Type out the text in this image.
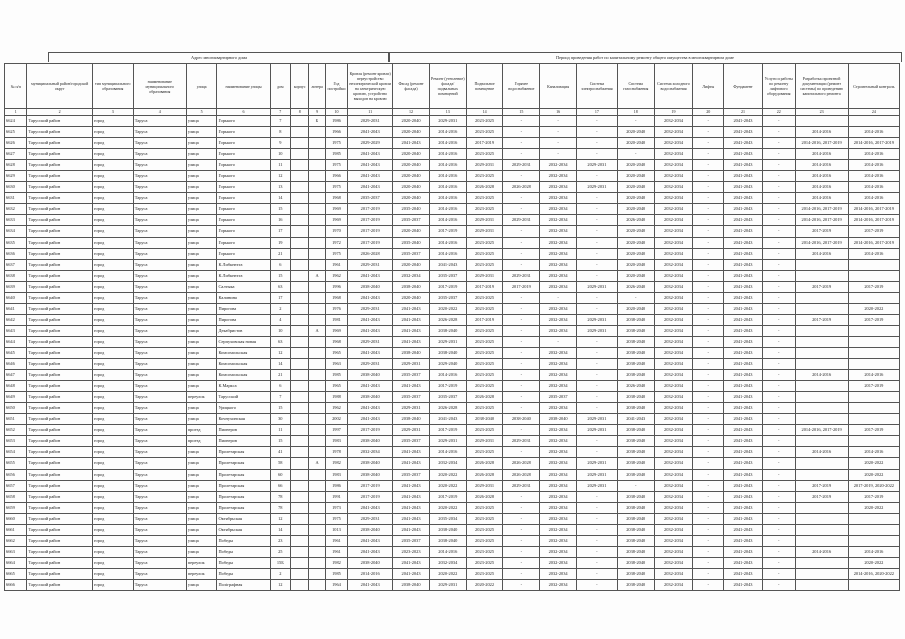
Адрес многоквартирного дома	Период проведения работ по капитальному ремонту общего имущества в многоквартирном доме
№ п/п	муниципальный район/городской округ	тип муниципального образования	наименование муниципального образования	улица	наименование улицы	дом	корпус	литера	Год постройки	Кровля (ремонт кровли) переустройство неэлектрической кровли на электрическую кровлю, устройство выходов на кровлю	Фасад (ремонт фасада)	Ремонт (утепление) фасада/ подвальных помещений	Подвальное помещение	Горячее водоснабжение	Канализация	Система электроснабжения	Система газоснабжения	Система холодного водоснабжения	Лифты	Фундамент	Услуги и работы по ремонту лифтового оборудования	Разработка проектной документации (ремонт системы) по проведению капитального ремонта	Строительный контроль
1	2	3	4	5	6	7	8	9	10	11	12	13	14	15	16	17	18	19	20	21	22	23	24
6624	Тарусский район	город	Таруса	улица	Горького	7		Б	1986	2029-2031	2020-2040	2029-2031	2023-2025	-	-	-	-	2032-2034	-	2041-2043	-		
6625	Тарусский район	город	Таруса	улица	Горького	8			1966	2041-2043	2020-2040	2014-2016	2023-2025	-	-	-	2020-2040	2032-2034	-	2041-2043	-	2014-2016	2014-2016
6626	Тарусский район	город	Таруса	улица	Горького	9			1975	2029-2029	2041-2043	2014-2016	2017-2019	-	-	-	2020-2040	2032-2034	-	2041-2043	-	2014-2016, 2017-2019	2014-2016, 2017-2019
6627	Тарусский район	город	Таруса	улица	Горького	10			1985	2041-2043	2020-2040	2014-2016	2023-2025	-	-	-	-	2032-2034	-	2041-2043	-	2014-2016	2014-2016
6628	Тарусский район	город	Таруса	улица	Горького	11			1975	2041-2043	2020-2040	2014-2016	2029-2031	2029-2031	2032-2034	2029-2031	2020-2040	2032-2034	-	2041-2043	-	2014-2016	2014-2016
6629	Тарусский район	город	Таруса	улица	Горького	12			1966	2041-2043	2020-2040	2014-2016	2023-2025	-	2032-2034	-	2020-2040	2032-2034	-	2041-2043	-	2014-2016	2014-2016
6630	Тарусский район	город	Таруса	улица	Горького	13			1975	2041-2043	2020-2040	2014-2016	2026-2028	2026-2028	2032-2034	2029-2031	2020-2040	2032-2034	-	2041-2043	-	2014-2016	2014-2016
6631	Тарусский район	город	Таруса	улица	Горького	14			1968	2035-2037	2020-2040	2014-2016	2023-2025	-	2032-2034	-	2020-2040	2032-2034	-	2041-2043	-	2014-2016	2014-2016
6632	Тарусский район	город	Таруса	улица	Горького	15			1969	2017-2019	2035-2040	2014-2016	2023-2025	-	2032-2034	-	2020-2040	2032-2034	-	2041-2043	-	2014-2016, 2017-2019	2014-2016, 2017-2019
6633	Тарусский район	город	Таруса	улица	Горького	16			1969	2017-2019	2035-2037	2014-2016	2029-2031	2029-2031	2032-2034	-	2026-2040	2032-2034	-	2041-2043	-	2014-2016, 2017-2019	2014-2016, 2017-2019
6634	Тарусский район	город	Таруса	улица	Горького	17			1970	2017-2019	2020-2040	2017-2019	2029-2031	-	2032-2034	-	2020-2040	2032-2034	-	2041-2043	-	2017-2019	2017-2019
6635	Тарусский район	город	Таруса	улица	Горького	19			1972	2017-2019	2035-2040	2014-2016	2023-2025	-	2032-2034	-	2020-2040	2032-2034	-	2041-2043	-	2014-2016, 2017-2019	2014-2016, 2017-2019
6636	Тарусский район	город	Таруса	улица	Горького	21			1975	2026-2028	2035-2037	2014-2016	2023-2025	-	2032-2034	-	2020-2040	2032-2034	-	2041-2043	-	2014-2016	2014-2016
6637	Тарусский район	город	Таруса	улица	К.Либкнехта	6			1961	2029-2031	2020-2040	2041-2043	2023-2025	-	2032-2034	-	2020-2040	2032-2034	-	2041-2043	-		
6638	Тарусский район	город	Таруса	улица	К.Либкнехта	15		А	1962	2041-2043	2032-2034	2035-2037	2029-2031	2029-2031	2032-2034	-	2020-2040	2032-2034	-	2041-2043	-		
6639	Тарусский район	город	Таруса	улица	Салтыка	63			1996	2038-2040	2038-2040	2017-2019	2017-2019	2017-2019	2032-2034	2029-2031	2026-2040	2032-2034	-	2041-2043	-	2017-2019	2017-2019
6640	Тарусский район	город	Таруса	улица	Калинина	17			1968	2041-2043	2020-2040	2035-2037	2023-2025	-	-	-	-	2032-2034	-	2041-2043	-		
6641	Тарусский район	город	Таруса	улица	Пирогова	2			1976	2029-2031	2041-2043	2020-2022	2023-2025	-	2032-2034	-	2020-2040	2032-2034	-	2041-2043	-		2020-2022
6642	Тарусский район	город	Таруса	улица	Пирогова	4			1981	2041-2043	2041-2043	2026-2028	2017-2019	-	2032-2034	2029-2031	2038-2040	2032-2034	-	2041-2043	-	2017-2019	2017-2019
6643	Тарусский район	город	Таруса	улица	Декабристов	10		А	1969	2041-2043	2041-2043	2038-2040	2023-2025	-	2032-2034	2029-2031	2038-2040	2032-2034	-	2041-2043	-		
6644	Тарусский район	город	Таруса	улица	Серпуховская новая	63			1968	2029-2031	2041-2043	2029-2031	2023-2025	-	-	-	2038-2040	2032-2034	-	2041-2043	-		
6645	Тарусский район	город	Таруса	улица	Комсомольская	12			1965	2041-2043	2038-2040	2038-2040	2023-2025	-	2032-2034	-	2038-2040	2032-2034	-	2041-2043	-		
6646	Тарусский район	город	Таруса	улица	Комсомольская	14			1963	2029-2031	2029-2031	2029-2040	2023-2025	-	2032-2034	-	2038-2040	2032-2034	-	2041-2043	-		
6647	Тарусский район	город	Таруса	улица	Комсомольская	21			1985	2038-2040	2035-2037	2014-2016	2023-2025	-	2032-2034	-	2038-2040	2032-2034	-	2041-2043	-	2014-2016	2014-2016
6648	Тарусский район	город	Таруса	улица	К.Маркса	6			1965	2041-2043	2041-2043	2017-2019	2023-2025	-	2032-2034	-	2026-2040	2032-2034	-	2041-2043	-		2017-2019
6649	Тарусский район	город	Таруса	переулок	Тарусский	7			1988	2038-2040	2035-2037	2035-2037	2026-2028	-	2035-2037	-	2038-2040	2032-2034	-	2041-2043	-		
6650	Тарусский район	город	Таруса	улица	Урицкого	15			1962	2041-2043	2029-2031	2026-2028	2023-2025	-	2032-2034	-	2038-2040	2032-2034	-	2041-2043	-		
6651	Тарусский район	город	Таруса	улица	Кочнухинская	30			2002	2041-2043	2038-2040	2041-2043	2038-2040	2038-2040	2038-2040	2029-2031	2041-2043	2032-2034	-	2041-2043	-		
6652	Тарусский район	город	Таруса	проезд	Пионеров	11			1997	2017-2019	2029-2031	2017-2019	2023-2025	-	2032-2034	2029-2031	2038-2040	2032-2034	-	2041-2043	-	2014-2016, 2017-2019	2017-2019
6653	Тарусский район	город	Таруса	проезд	Пионеров	15			1983	2038-2040	2035-2037	2029-2031	2029-2031	2029-2031	2032-2034	-	2038-2040	2032-2034	-	2041-2043	-		
6654	Тарусский район	город	Таруса	улица	Пролетарская	41			1978	2032-2034	2041-2043	2014-2016	2023-2025	-	2032-2034	-	2038-2040	2032-2034	-	2041-2043	-	2014-2016	2014-2016
6655	Тарусский район	город	Таруса	улица	Пролетарская	58		А	1982	2038-2040	2041-2043	2032-2034	2026-2028	2026-2028	2032-2034	2029-2031	2038-2040	2032-2034	-	2041-2043	-		2020-2022
6656	Тарусский район	город	Таруса	улица	Пролетарская	60			1983	2038-2040	2035-2037	2020-2022	2026-2028	2026-2028	2032-2034	2029-2031	2038-2040	2032-2034	-	2041-2043	-		2020-2022
6657	Тарусский район	город	Таруса	улица	Пролетарская	66			1986	2017-2019	2041-2043	2020-2022	2029-2031	2029-2031	2032-2034	2029-2031	-	2032-2034	-	2041-2043	-	2017-2019	2017-2019, 2020-2022
6658	Тарусский район	город	Таруса	улица	Пролетарская	78			1991	2017-2019	2041-2043	2017-2019	2026-2028	-	2032-2034	-	2038-2040	2032-2034	-	2041-2043	-	2017-2019	2017-2019
6659	Тарусский район	город	Таруса	улица	Пролетарская	78			1973	2041-2043	2041-2043	2020-2022	2023-2025	-	2032-2034	-	2038-2040	2032-2034	-	2041-2043	-		2020-2022
6660	Тарусский район	город	Таруса	улица	Октябрьская	12			1975	2029-2031	2041-2043	2035-2034	2023-2025	-	2032-2034	-	2038-2040	2032-2034	-	2041-2043	-		
6661	Тарусский район	город	Таруса	улица	Октябрьская	14			1013	2038-2040	2041-2043	2038-2040	2023-2025	-	2032-2034	-	2038-2040	2032-2034	-	2041-2043	-		
6662	Тарусский район	город	Таруса	улица	Победы	23			1961	2041-2043	2035-2037	2038-2040	2023-2025	-	2032-2034	-	2038-2040	2032-2034	-	2041-2043	-		
6663	Тарусский район	город	Таруса	улица	Победы	25			1961	2041-2043	2023-2023	2014-2016	2023-2025	-	2032-2034	-	2038-2040	2032-2034	-	2041-2043	-	2014-2016	2014-2016
6664	Тарусский район	город	Таруса	переулок	Победы	15Б			1982	2038-2040	2041-2043	2032-2034	2023-2025	-	2032-2034	-	2038-2040	2032-2034	-	2041-2043	-		2020-2022
6665	Тарусский район	город	Таруса	переулок	Победы	2			1985	2014-2016	2041-2043	2020-2022	2023-2025	-	2032-2034	-	2038-2040	2032-2034	-	2041-2043	-		2014-2016, 2020-2022
6666	Тарусский район	город	Таруса	улица	Поліграфная	12			1964	2041-2043	2038-2040	2029-2031	2020-2022	-	2032-2034	-	2038-2040	2032-2034	-	2041-2043	-		
